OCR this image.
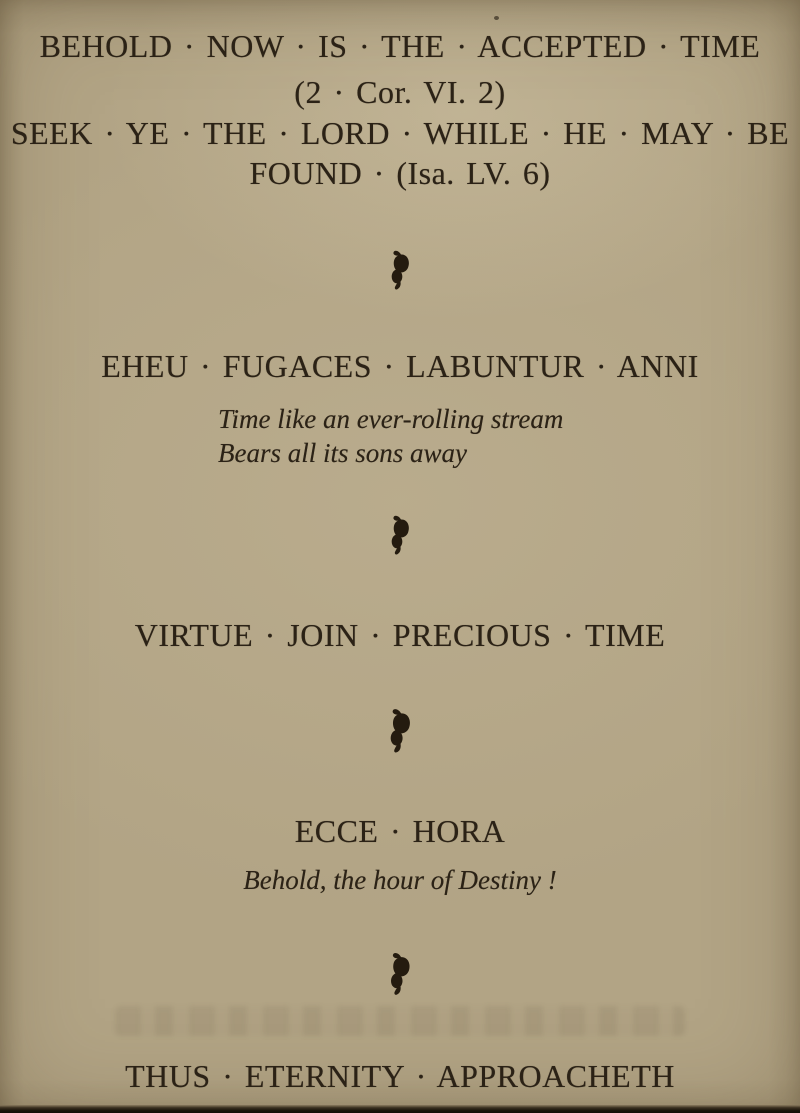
BEHOLD · NOW · IS · THE · ACCEPTED · TIME
(2 · Cor. VI. 2)
SEEK · YE · THE · LORD · WHILE · HE · MAY · BE
FOUND · (Isa. LV. 6)
EHEU · FUGACES · LABUNTUR · ANNI
Time like an ever-rolling stream
Bears all its sons away
VIRTUE · JOIN · PRECIOUS · TIME
ECCE · HORA
Behold, the hour of Destiny !
THUS · ETERNITY · APPROACHETH
